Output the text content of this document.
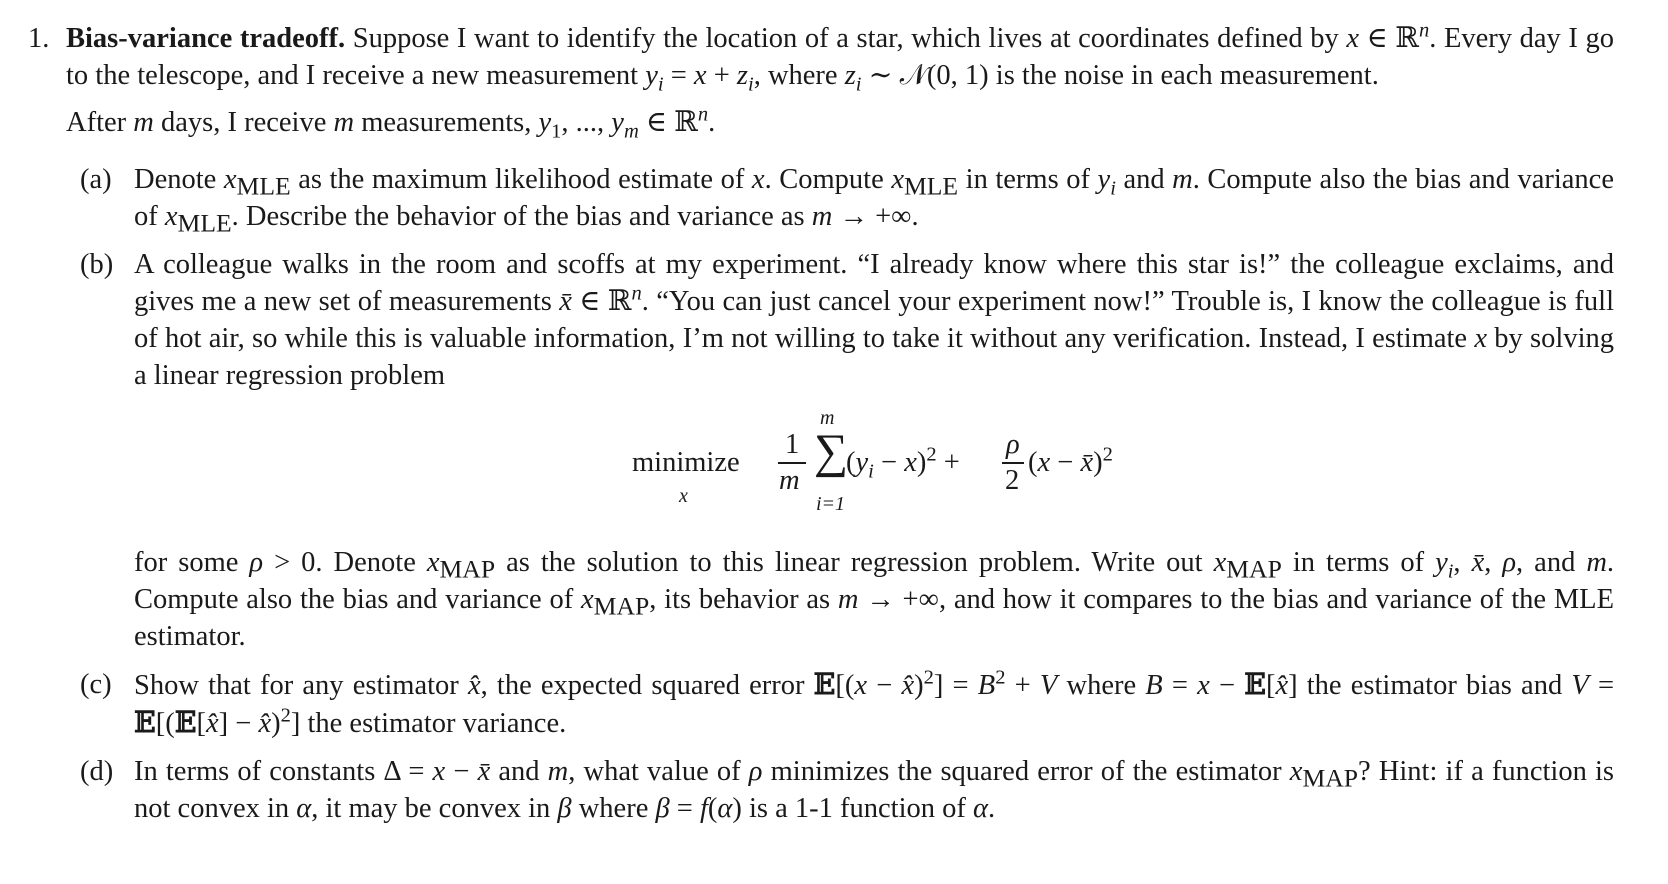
1. Bias-variance tradeoff. Suppose I want to identify the location of a star, which lives at coordinates defined by x ∈ ℝ$^n$. Every day I go to the telescope, and I receive a new measurement $y_i = x + z_i$, where $z_i$ ∼ 𝒩(0, 1) is the noise in each measurement.
After m days, I receive m measurements, $y_1$, ..., $y_m$ ∈ ℝ$^n$.
(a) Denote $x_{MLE}$ as the maximum likelihood estimate of x. Compute $x_{MLE}$ in terms of $y_i$ and m. Compute also the bias and variance of $x_{MLE}$. Describe the behavior of the bias and variance as m → +∞.
(b) A colleague walks in the room and scoffs at my experiment. “I already know where this star is!” the colleague exclaims, and gives me a new set of measurements x̄ ∈ ℝ$^n$. “You can just cancel your experiment now!” Trouble is, I know the colleague is full of hot air, so while this is valuable information, I’m not willing to take it without any verification. Instead, I estimate x by solving a linear regression problem
minimize
x
1
m
m
∑
i=1
$(y_i - x)^2$ +
ρ
2
(x − x̄)$^2$
for some ρ > 0. Denote $x_{MAP}$ as the solution to this linear regression problem. Write out $x_{MAP}$ in terms of $y_i$, x̄, ρ, and m. Compute also the bias and variance of $x_{MAP}$, its behavior as m → +∞, and how it compares to the bias and variance of the MLE estimator.
(c) Show that for any estimator x̂, the expected squared error 𝔼[(x − x̂)$^2$] = $B^2 + V$ where B = x − 𝔼[x̂] the estimator bias and V = 𝔼[(𝔼[x̂] − x̂)$^2$] the estimator variance.
(d) In terms of constants Δ = x − x̄ and m, what value of ρ minimizes the squared error of the estimator $x_{MAP}$? Hint: if a function is not convex in α, it may be convex in β where β = f(α) is a 1-1 function of α.
